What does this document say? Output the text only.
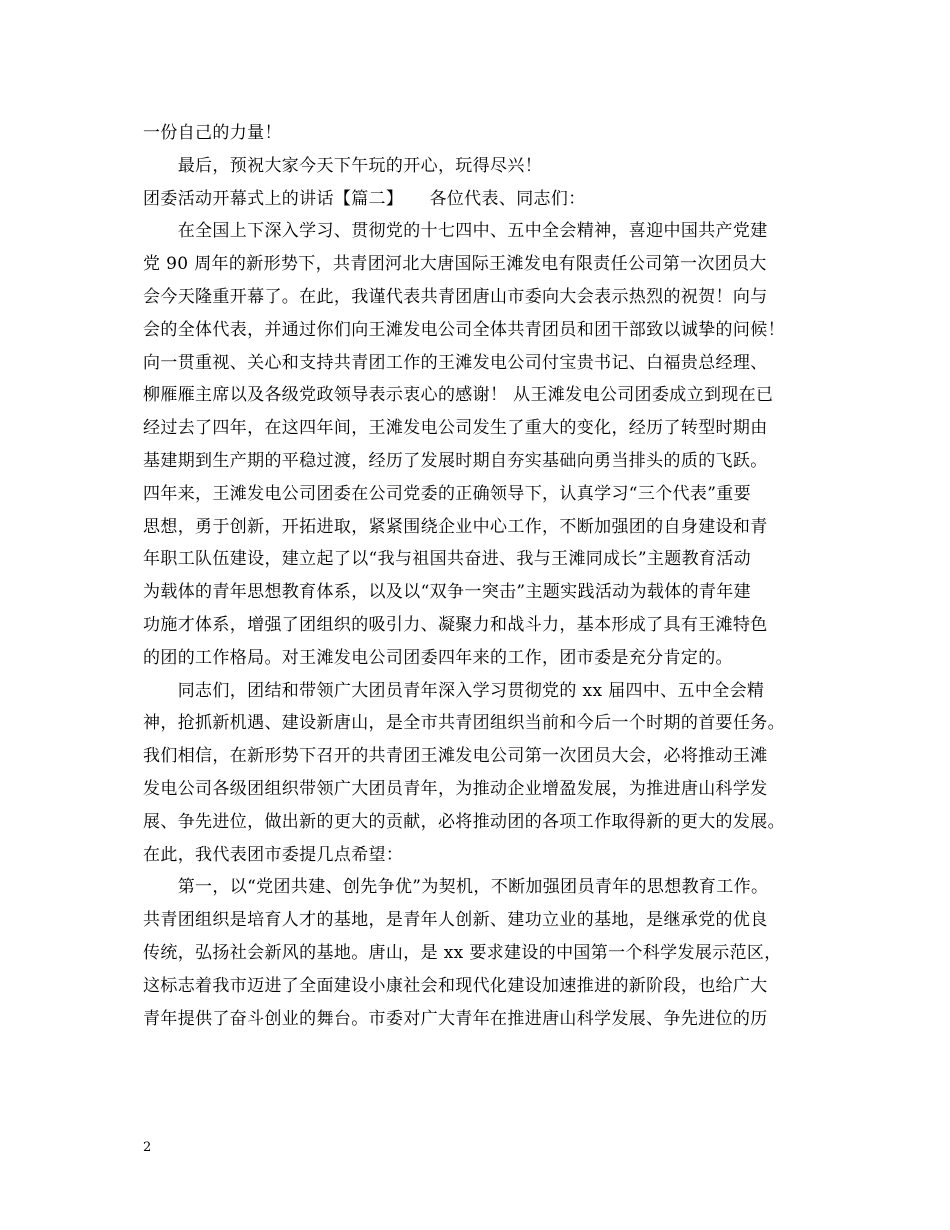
一份自己的力量！
　　最后，预祝大家今天下午玩的开心，玩得尽兴！
团委活动开幕式上的讲话【篇二】　　各位代表、同志们：
　　在全国上下深入学习、贯彻党的十七四中、五中全会精神，喜迎中国共产党建
党 90 周年的新形势下，共青团河北大唐国际王滩发电有限责任公司第一次团员大
会今天隆重开幕了。在此，我谨代表共青团唐山市委向大会表示热烈的祝贺！向与
会的全体代表，并通过你们向王滩发电公司全体共青团员和团干部致以诚挚的问候！
向一贯重视、关心和支持共青团工作的王滩发电公司付宝贵书记、白福贵总经理、
柳雁雁主席以及各级党政领导表示衷心的感谢！ 从王滩发电公司团委成立到现在已
经过去了四年，在这四年间，王滩发电公司发生了重大的变化，经历了转型时期由
基建期到生产期的平稳过渡，经历了发展时期自夯实基础向勇当排头的质的飞跃。
四年来，王滩发电公司团委在公司党委的正确领导下，认真学习“三个代表”重要
思想，勇于创新，开拓进取，紧紧围绕企业中心工作，不断加强团的自身建设和青
年职工队伍建设，建立起了以“我与祖国共奋进、我与王滩同成长”主题教育活动
为载体的青年思想教育体系，以及以“双争一突击”主题实践活动为载体的青年建
功施才体系，增强了团组织的吸引力、凝聚力和战斗力，基本形成了具有王滩特色
的团的工作格局。对王滩发电公司团委四年来的工作，团市委是充分肯定的。
　　同志们，团结和带领广大团员青年深入学习贯彻党的 xx 届四中、五中全会精
神，抢抓新机遇、建设新唐山，是全市共青团组织当前和今后一个时期的首要任务。
我们相信，在新形势下召开的共青团王滩发电公司第一次团员大会，必将推动王滩
发电公司各级团组织带领广大团员青年，为推动企业增盈发展，为推进唐山科学发
展、争先进位，做出新的更大的贡献，必将推动团的各项工作取得新的更大的发展。
在此，我代表团市委提几点希望：
　　第一，以“党团共建、创先争优”为契机，不断加强团员青年的思想教育工作。
共青团组织是培育人才的基地，是青年人创新、建功立业的基地，是继承党的优良
传统，弘扬社会新风的基地。唐山，是 xx 要求建设的中国第一个科学发展示范区，
这标志着我市迈进了全面建设小康社会和现代化建设加速推进的新阶段，也给广大
青年提供了奋斗创业的舞台。市委对广大青年在推进唐山科学发展、争先进位的历
2
